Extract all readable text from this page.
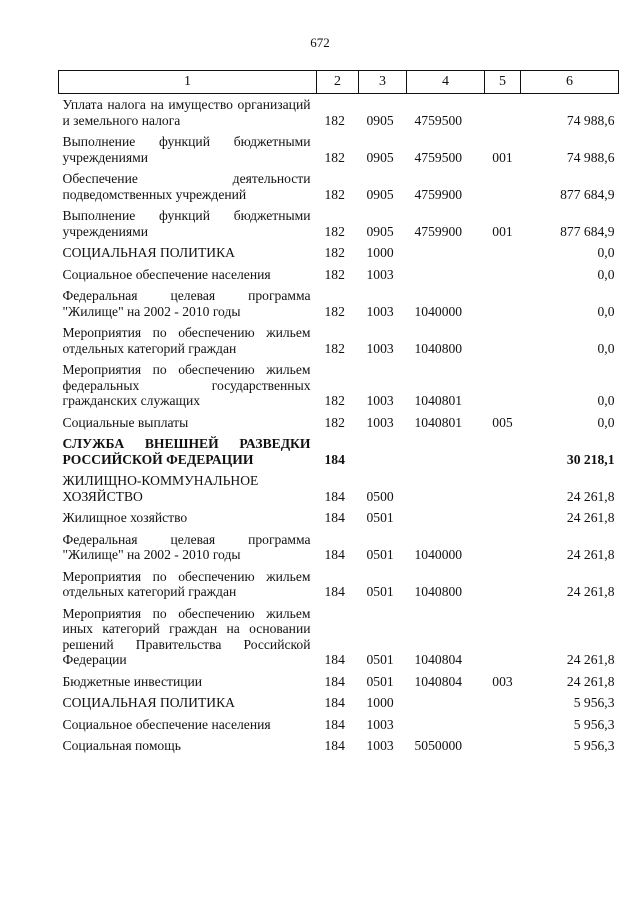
672
1	2	3	4	5	6
Уплата налога на имущество организаций и земельного налога	182	0905	4759500		74 988,6
Выполнение функций бюджетными учреждениями	182	0905	4759500	001	74 988,6
Обеспечение деятельности подведомственных учреждений	182	0905	4759900		877 684,9
Выполнение функций бюджетными учреждениями	182	0905	4759900	001	877 684,9
СОЦИАЛЬНАЯ ПОЛИТИКА	182	1000			0,0
Социальное обеспечение населения	182	1003			0,0
Федеральная целевая программа "Жилище" на 2002 - 2010 годы	182	1003	1040000		0,0
Мероприятия по обеспечению жильем отдельных категорий граждан	182	1003	1040800		0,0
Мероприятия по обеспечению жильем федеральных государственных гражданских служащих	182	1003	1040801		0,0
Социальные выплаты	182	1003	1040801	005	0,0
СЛУЖБА ВНЕШНЕЙ РАЗВЕДКИ РОССИЙСКОЙ ФЕДЕРАЦИИ	184				30 218,1
ЖИЛИЩНО-КОММУНАЛЬНОЕ ХОЗЯЙСТВО	184	0500			24 261,8
Жилищное хозяйство	184	0501			24 261,8
Федеральная целевая программа "Жилище" на 2002 - 2010 годы	184	0501	1040000		24 261,8
Мероприятия по обеспечению жильем отдельных категорий граждан	184	0501	1040800		24 261,8
Мероприятия по обеспечению жильем иных категорий граждан на основании решений Правительства Российской Федерации	184	0501	1040804		24 261,8
Бюджетные инвестиции	184	0501	1040804	003	24 261,8
СОЦИАЛЬНАЯ ПОЛИТИКА	184	1000			5 956,3
Социальное обеспечение населения	184	1003			5 956,3
Социальная помощь	184	1003	5050000		5 956,3
